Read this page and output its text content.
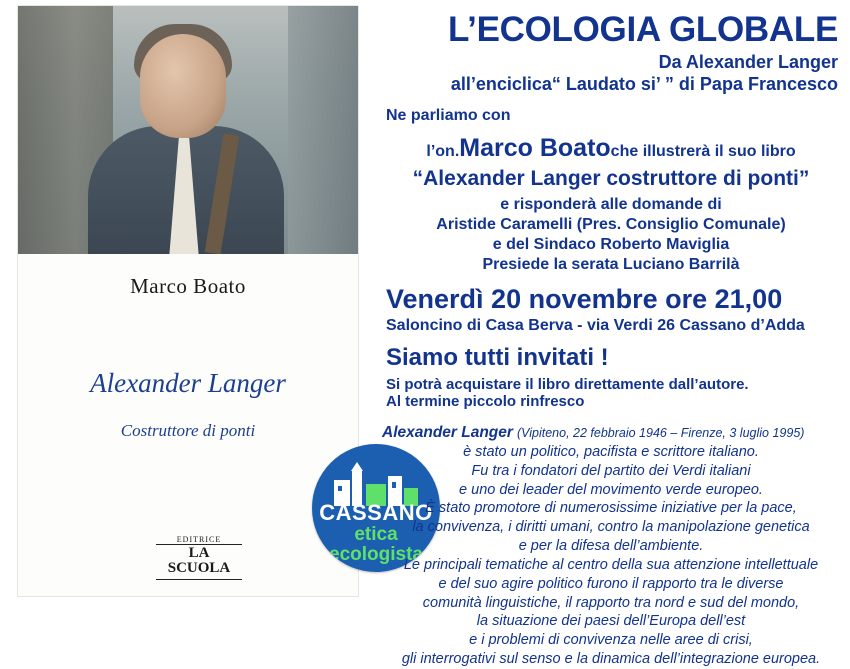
Marco Boato
Alexander Langer
Costruttore di ponti
EDITRICE
LA SCUOLA
CASSANO
etica
ecologista
L’ECOLOGIA GLOBALE
Da Alexander Langer
all’enciclica“ Laudato si’ ” di Papa Francesco
Ne parliamo con
l’on.Marco Boatoche illustrerà il suo libro
“Alexander Langer costruttore di ponti”
e risponderà alle domande di
Aristide Caramelli (Pres. Consiglio Comunale)
e del Sindaco Roberto Maviglia
Presiede la serata Luciano Barrilà
Venerdì 20 novembre ore 21,00
Saloncino di Casa Berva - via Verdi 26 Cassano d’Adda
Siamo tutti invitati !
Si potrà acquistare il libro direttamente dall’autore.
Al termine piccolo rinfresco
Alexander Langer (Vipiteno, 22 febbraio 1946 – Firenze, 3 luglio 1995)
è stato un politico, pacifista e scrittore italiano.
Fu tra i fondatori del partito dei Verdi italiani
e uno dei leader del movimento verde europeo.
È stato promotore di numerosissime iniziative per la pace,
la convivenza, i diritti umani, contro la manipolazione genetica
e per la difesa dell’ambiente.
Le principali tematiche al centro della sua attenzione intellettuale
e del suo agire politico furono il rapporto tra le diverse
comunità linguistiche, il rapporto tra nord e sud del mondo,
la situazione dei paesi dell’Europa dell’est
e i problemi di convivenza nelle aree di crisi,
gli interrogativi sul senso e la dinamica dell’integrazione europea.
